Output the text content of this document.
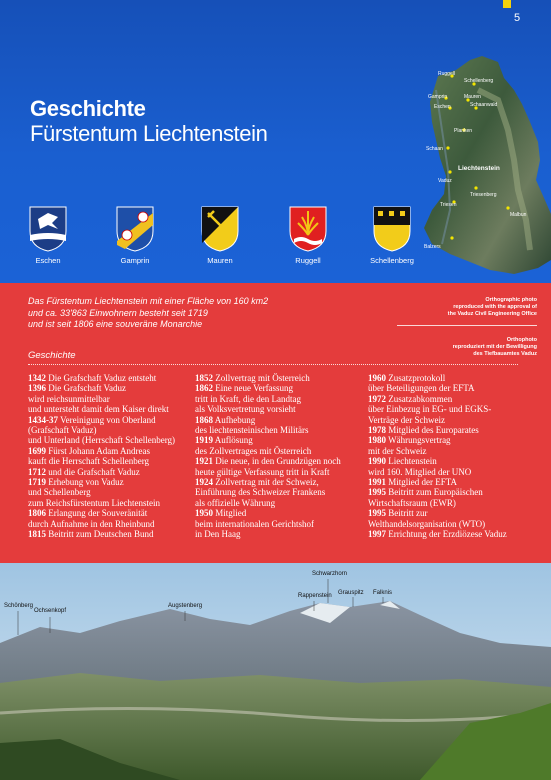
5
Geschichte
Fürstentum Liechtenstein
Ruggell
Schellenberg
Gamprin	Mauren
Eschen	Schaanwald
Planken
Schaan
Liechtenstein
Vaduz
Triesenberg
Triesen
Malbun
Balzers
Eschen	Gamprin	Mauren	Ruggell	Schellenberg
Das Fürstentum Liechtenstein mit einer Fläche von 160 km2
und ca. 33'863 Einwohnern besteht seit 1719
und ist seit 1806 eine souveräne Monarchie
Orthographic photo
reproduced with the approval of
the Vaduz Civil Engineering Office
Orthophoto
reproduziert mit der Bewilligung
des Tiefbauamtes Vaduz
Geschichte
1342 Die Grafschaft Vaduz entsteht
1396 Die Grafschaft Vaduz
wird reichsunmittelbar
und untersteht damit dem Kaiser direkt
1434-37 Vereinigung von Oberland
(Grafschaft Vaduz)
und Unterland (Herrschaft Schellenberg)
1699 Fürst Johann Adam Andreas
kauft die Herrschaft Schellenberg
1712 und die Grafschaft Vaduz
1719 Erhebung von Vaduz
und Schellenberg
zum Reichsfürstentum Liechtenstein
1806 Erlangung der Souveränität
durch Aufnahme in den Rheinbund
1815 Beitritt zum Deutschen Bund
1852 Zollvertrag mit Österreich
1862 Eine neue Verfassung
tritt in Kraft, die den Landtag
als Volksvertretung vorsieht
1868 Aufhebung
des liechtensteinischen Militärs
1919 Auflösung
des Zollvertrages mit Österreich
1921 Die neue, in den Grundzügen noch
heute gültige Verfassung tritt in Kraft
1924 Zollvertrag mit der Schweiz,
Einführung des Schweizer Frankens
als offizielle Währung
1950 Mitglied
beim internationalen Gerichtshof
in Den Haag
1960 Zusatzprotokoll
über Beteiligungen der EFTA
1972 Zusatzabkommen
über Einbezug in EG- und EGKS-
Verträge der Schweiz
1978 Mitglied des Europarates
1980 Währungsvertrag
mit der Schweiz
1990 Liechtenstein
wird 160. Mitglied der UNO
1991 Mitglied der EFTA
1995 Beitritt zum Europäischen
Wirtschaftsraum (EWR)
1995 Beitritt zur
Welthandelsorganisation (WTO)
1997 Errichtung der Erzdiözese Vaduz
Schönberg
Ochsenkopf
Augstenberg
Schwarzhorn
Rappenstein Grauspitz Falknis
